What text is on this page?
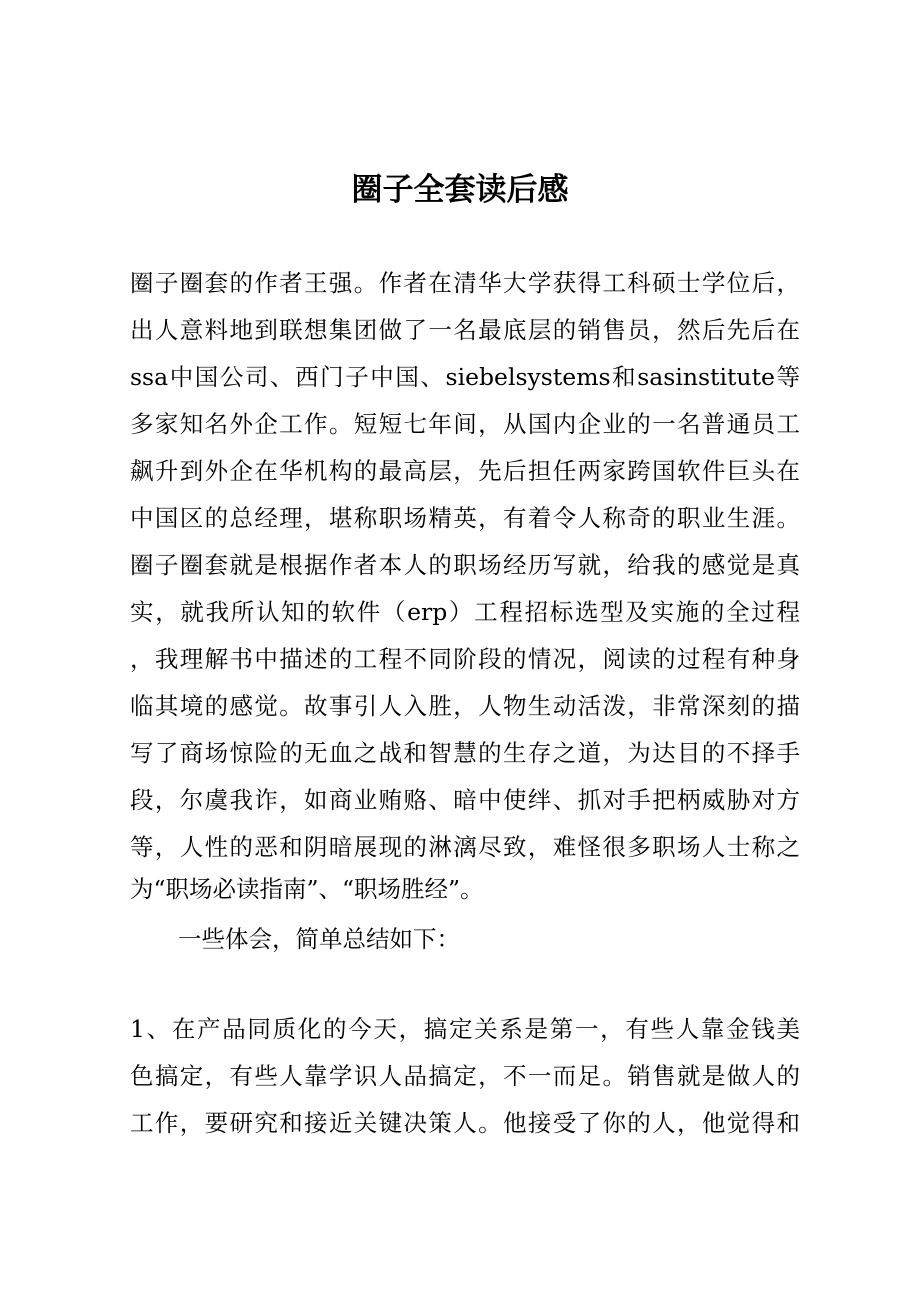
圈子全套读后感

圈子圈套的作者王强。作者在清华大学获得工科硕士学位后，

出人意料地到联想集团做了一名最底层的销售员，然后先后在

ssa中国公司、西门子中国、siebelsystems和sasinstitute等

多家知名外企工作。短短七年间，从国内企业的一名普通员工

飙升到外企在华机构的最高层，先后担任两家跨国软件巨头在

中国区的总经理，堪称职场精英，有着令人称奇的职业生涯。

圈子圈套就是根据作者本人的职场经历写就，给我的感觉是真

实，就我所认知的软件（erp）工程招标选型及实施的全过程

，我理解书中描述的工程不同阶段的情况，阅读的过程有种身

临其境的感觉。故事引人入胜，人物生动活泼，非常深刻的描

写了商场惊险的无血之战和智慧的生存之道，为达目的不择手

段，尔虞我诈，如商业贿赂、暗中使绊、抓对手把柄威胁对方

等，人性的恶和阴暗展现的淋漓尽致，难怪很多职场人士称之

为“职场必读指南”、“职场胜经”。

一些体会，简单总结如下：

1、在产品同质化的今天，搞定关系是第一，有些人靠金钱美

色搞定，有些人靠学识人品搞定，不一而足。销售就是做人的

工作，要研究和接近关键决策人。他接受了你的人，他觉得和
